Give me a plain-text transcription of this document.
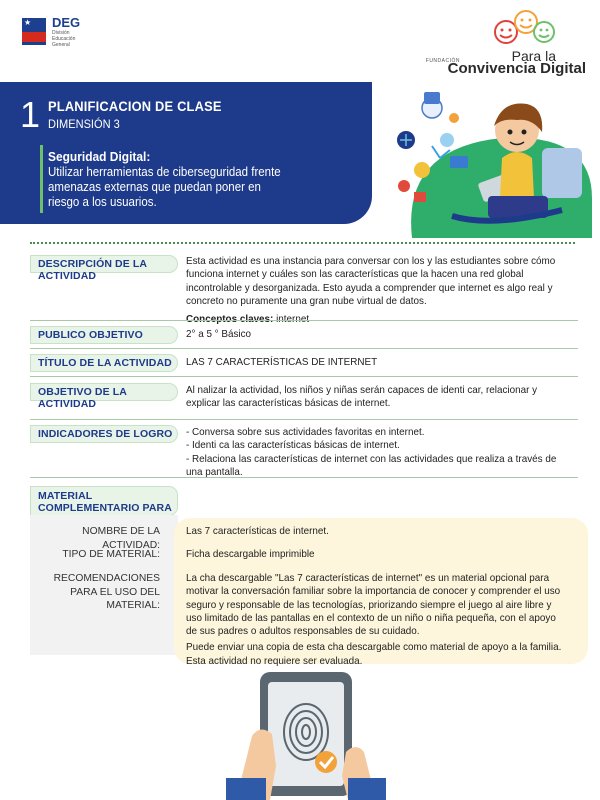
★ DEG
División Educación General
FUNDACIÓN	Para la
Convivencia Digital
1 PLANIFICACION DE CLASE
DIMENSIÓN 3
Seguridad Digital:
Utilizar herramientas de ciberseguridad frente amenazas externas que puedan poner en riesgo a los usuarios.
DESCRIPCIÓN DE LA ACTIVIDAD
Esta actividad es una instancia para conversar con los y las estudiantes sobre cómo funciona internet y cuáles son las características que la hacen una red global incontrolable y desorganizada. Esto ayuda a comprender que internet es algo real y concreto no puramente una gran nube virtual de datos.
Conceptos claves: internet
PUBLICO OBJETIVO	2° a 5 ° Básico
TÍTULO DE LA ACTIVIDAD	LAS 7 CARACTERÍSTICAS DE INTERNET
OBJETIVO DE LA ACTIVIDAD
Al nalizar la actividad, los niños y niñas serán capaces de identi car, relacionar y explicar las características básicas de internet.
INDICADORES DE LOGRO	- Conversa sobre sus actividades favoritas en internet.
- Identi ca las características básicas de internet.
- Relaciona las características de internet con las actividades que realiza a través de una pantalla.
MATERIAL COMPLEMENTARIO PARA
NOMBRE DE LA ACTIVIDAD:
Las 7 características de internet.
TIPO DE MATERIAL:	Ficha descargable imprimible
RECOMENDACIONES PARA EL USO DEL MATERIAL:
La cha descargable "Las 7 características de internet" es un material opcional para motivar la conversación familiar sobre la importancia de conocer y comprender el uso seguro y responsable de las tecnologías, priorizando siempre el juego al aire libre y uso limitado de las pantallas en el contexto de un niño o niña pequeña, con el apoyo de sus padres o adultos responsables de su cuidado.
Puede enviar una copia de esta cha descargable como material de apoyo a la familia. Esta actividad no requiere ser evaluada.
